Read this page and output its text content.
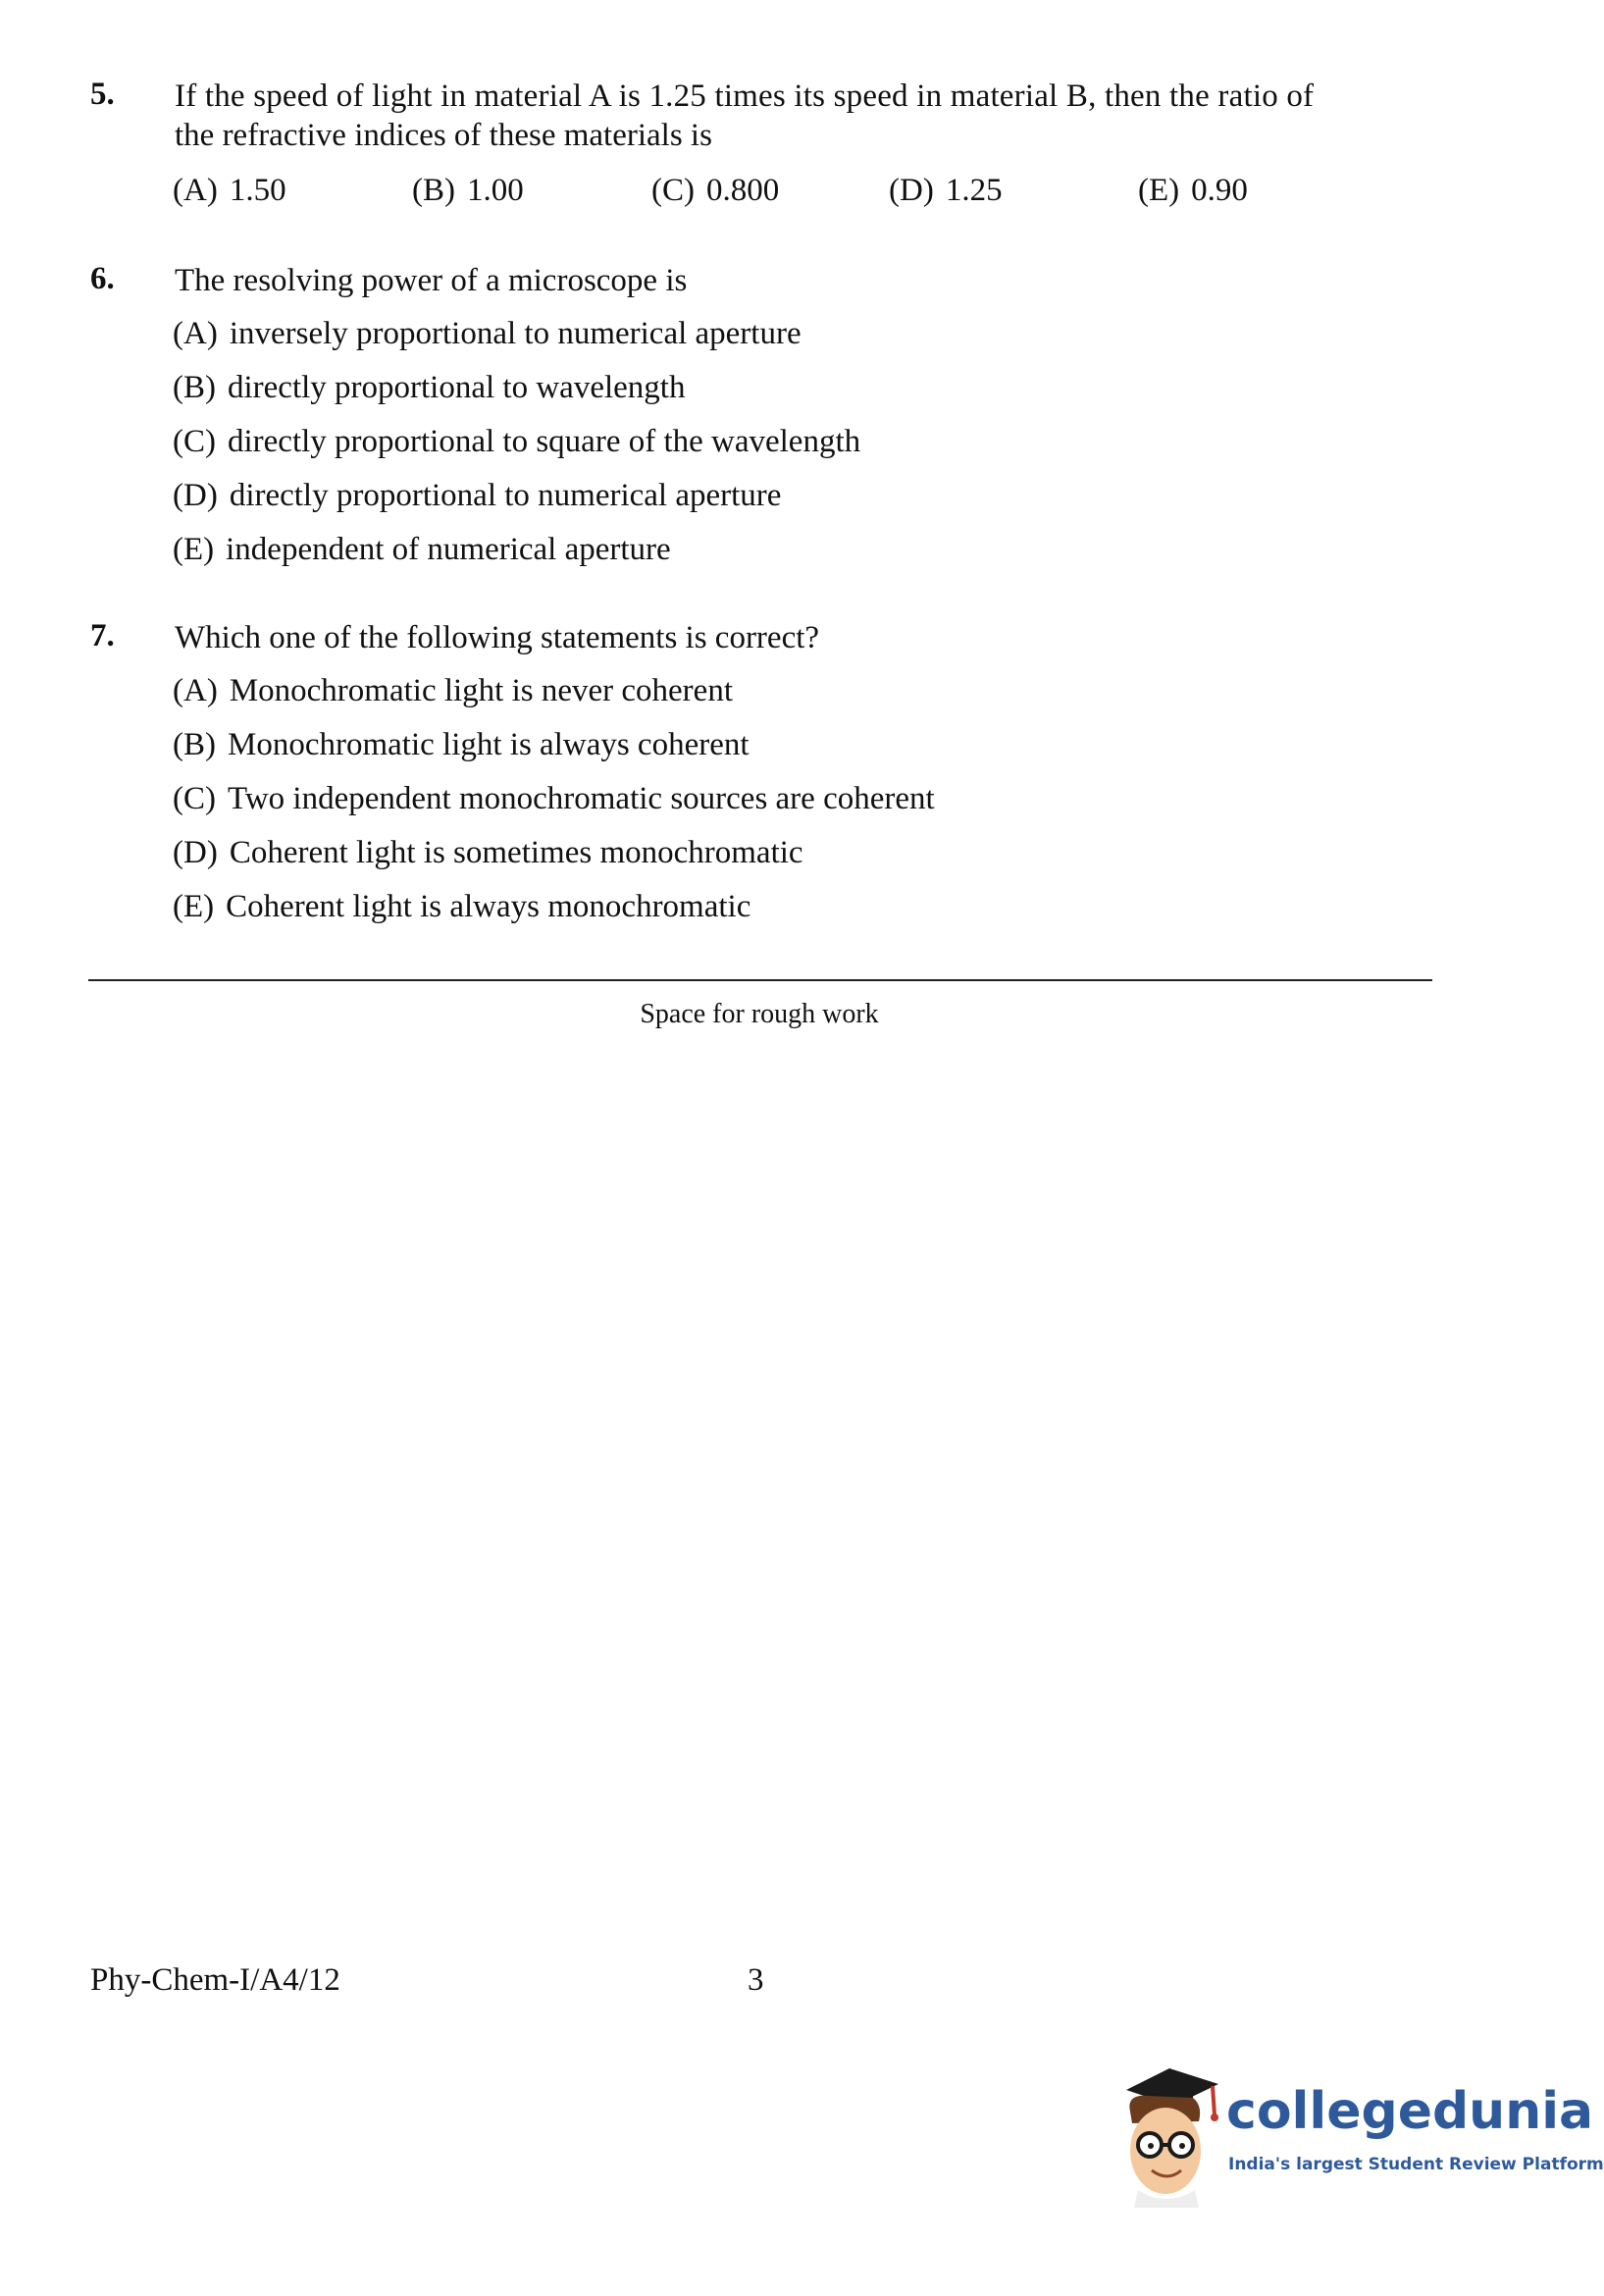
5. If the speed of light in material A is 1.25 times its speed in material B, then the ratio of
the refractive indices of these materials is
(A) 1.50	(B) 1.00	(C) 0.800	(D) 1.25	(E) 0.90
6. The resolving power of a microscope is
(A) inversely proportional to numerical aperture
(B) directly proportional to wavelength
(C) directly proportional to square of the wavelength
(D) directly proportional to numerical aperture
(E) independent of numerical aperture
7. Which one of the following statements is correct?
(A) Monochromatic light is never coherent
(B) Monochromatic light is always coherent
(C) Two independent monochromatic sources are coherent
(D) Coherent light is sometimes monochromatic
(E) Coherent light is always monochromatic
Space for rough work
Phy-Chem-I/A4/12	3
collegedunia
India's largest Student Review Platform
